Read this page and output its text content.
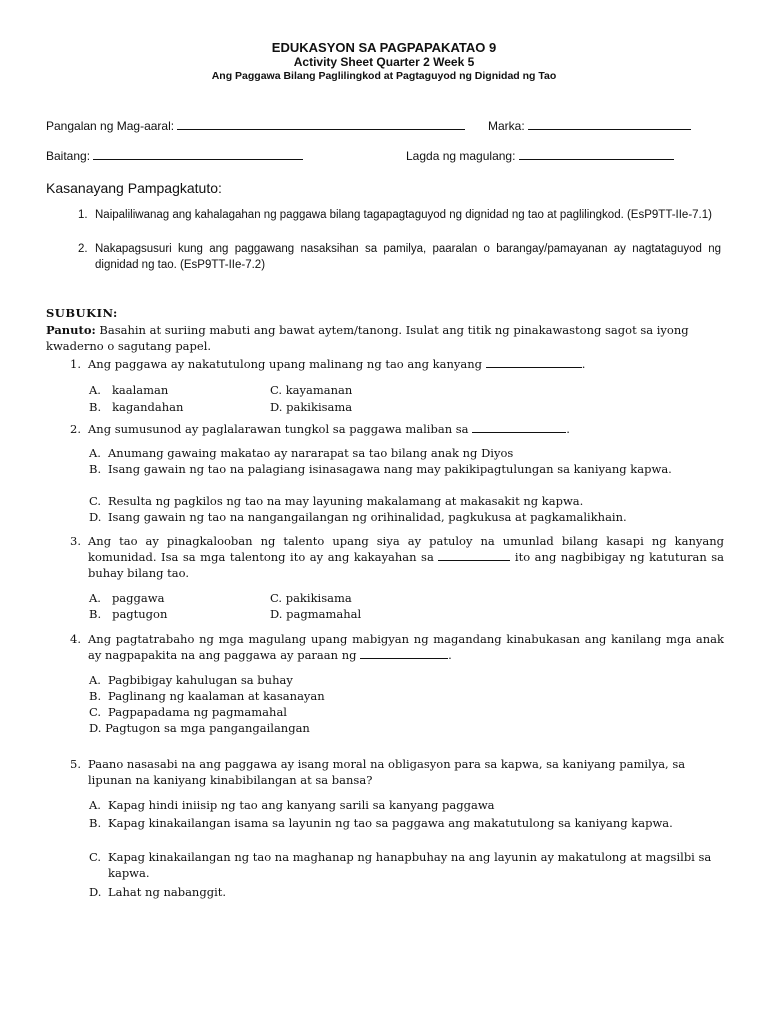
EDUKASYON SA PAGPAPAKATAO 9
Activity Sheet Quarter 2 Week 5
Ang Paggawa Bilang Paglilingkod at Pagtaguyod ng Dignidad ng Tao
Pangalan ng Mag-aaral:	Marka:
Baitang:	Lagda ng magulang:
Kasanayang Pampagkatuto:
1. Naipaliliwanag ang kahalagahan ng paggawa bilang tagapagtaguyod ng dignidad ng tao at paglilingkod. (EsP9TT-IIe-7.1)
2. Nakapagsusuri kung ang paggawang nasaksihan sa pamilya, paaralan o barangay/pamayanan ay nagtataguyod ng dignidad ng tao. (EsP9TT-IIe-7.2)
SUBUKIN:
Panuto: Basahin at suriing mabuti ang bawat aytem/tanong. Isulat ang titik ng pinakawastong sagot sa iyong kwaderno o sagutang papel.
1. Ang paggawa ay nakatutulong upang malinang ng tao ang kanyang	.
A. kaalaman
B. kagandahan
C. kayamanan
D. pakikisama
2. Ang sumusunod ay paglalarawan tungkol sa paggawa maliban sa	.
A. Anumang gawaing makatao ay nararapat sa tao bilang anak ng Diyos
B. Isang gawain ng tao na palagiang isinasagawa nang may pakikipagtulungan sa kaniyang kapwa.
C. Resulta ng pagkilos ng tao na may layuning makalamang at makasakit ng kapwa.
D. Isang gawain ng tao na nangangailangan ng orihinalidad, pagkukusa at pagkamalikhain.
3. Ang tao ay pinagkalooban ng talento upang siya ay patuloy na umunlad bilang kasapi ng kanyang komunidad. Isa sa mga talentong ito ay ang kakayahan sa	ito ang nagbibigay ng katuturan sa buhay bilang tao.
A. paggawa
B. pagtugon
C. pakikisama
D. pagmamahal
4. Ang pagtatrabaho ng mga magulang upang mabigyan ng magandang kinabukasan ang kanilang mga anak ay nagpapakita na ang paggawa ay paraan ng	.
A. Pagbibigay kahulugan sa buhay
B. Paglinang ng kaalaman at kasanayan
C. Pagpapadama ng pagmamahal
D. Pagtugon sa mga pangangailangan
5. Paano nasasabi na ang paggawa ay isang moral na obligasyon para sa kapwa, sa kaniyang pamilya, sa lipunan na kaniyang kinabibilangan at sa bansa?
A. Kapag hindi iniisip ng tao ang kanyang sarili sa kanyang paggawa
B. Kapag kinakailangan isama sa layunin ng tao sa paggawa ang makatutulong sa kaniyang kapwa.
C. Kapag kinakailangan ng tao na maghanap ng hanapbuhay na ang layunin ay makatulong at magsilbi sa kapwa.
D. Lahat ng nabanggit.
